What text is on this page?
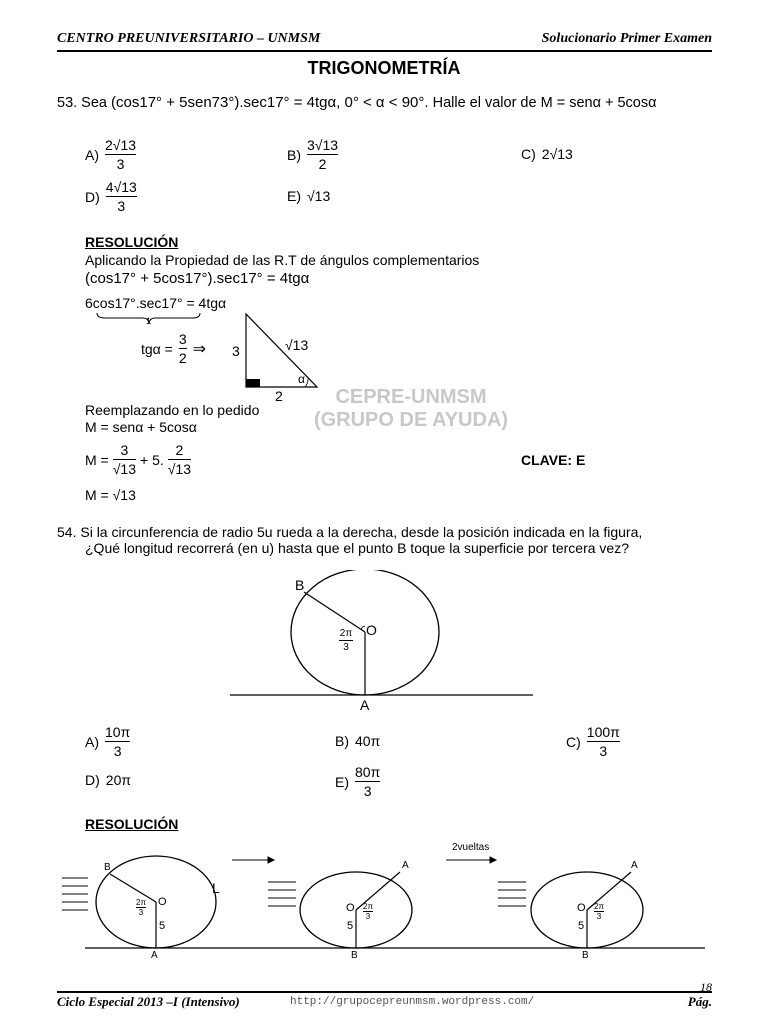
CENTRO PREUNIVERSITARIO – UNMSM	Solucionario Primer Examen
TRIGONOMETRÍA
53. Sea (cos17° + 5sen73°).sec17° = 4tgα, 0° < α < 90°. Halle el valor de M = senα + 5cosα
$A) \frac{2√13}{3}$	$B) \frac{3√13}{2}$	C) 2√13
$D) \frac{4√13}{3}$	E) √13
RESOLUCIÓN
Aplicando la Propiedad de las R.T de ángulos complementarios
(cos17° + 5cos17°).sec17° = 4tgα
6cos17°.sec17° = 4tgα
1
$tg\alpha = \frac{3}{2}$ ⇒ 3	√13
2
α
CEPRE-UNMSM
(GRUPO DE AYUDA)
Reemplazando en lo pedido
M = senα + 5cosα
$M = \frac{3}{√13} + 5$. $\frac{2}{√13}$	CLAVE: E
M = √13
54. Si la circunferencia de radio 5u rueda a la derecha, desde la posición indicada en la figura,
¿Qué longitud recorrerá (en u) hasta que el punto B toque la superficie por tercera vez?
B
O
A
2π
3
$A) \frac{10\pi}{3}$	B) 40π	$C) \frac{100\pi}{3}$
D) 20π	$E) \frac{80\pi}{3}$
RESOLUCIÓN
B
O
L
5
A
2π
3
A
O
5
B
2π
3
2vueltas
A
O
5
B
2π
3
18
Ciclo Especial 2013 –I (Intensivo)	http://grupocepreunmsm.wordpress.com/	Pág.
